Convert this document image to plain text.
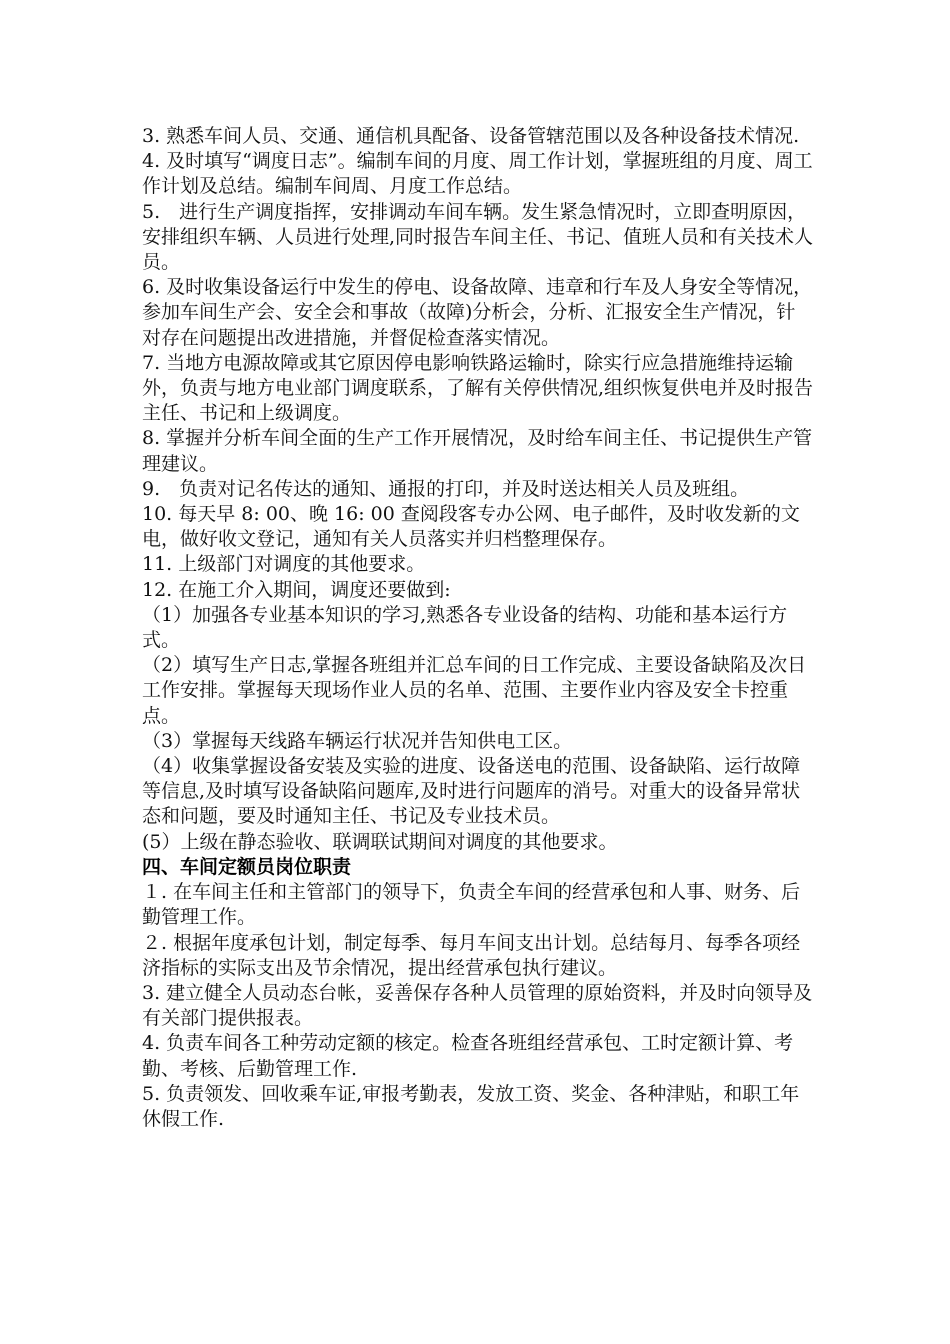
3. 熟悉车间人员、交通、通信机具配备、设备管辖范围以及各种设备技术情况.

4. 及时填写“调度日志”。编制车间的月度、周工作计划，掌握班组的月度、周工作计划及总结。编制车间周、月度工作总结。

5.　进行生产调度指挥，安排调动车间车辆。发生紧急情况时，立即查明原因，安排组织车辆、人员进行处理,同时报告车间主任、书记、值班人员和有关技术人员。

6. 及时收集设备运行中发生的停电、设备故障、违章和行车及人身安全等情况，参加车间生产会、安全会和事故（故障)分析会，分析、汇报安全生产情况，针对存在问题提出改进措施，并督促检查落实情况。

7. 当地方电源故障或其它原因停电影响铁路运输时，除实行应急措施维持运输外，负责与地方电业部门调度联系，了解有关停供情况,组织恢复供电并及时报告主任、书记和上级调度。

8. 掌握并分析车间全面的生产工作开展情况，及时给车间主任、书记提供生产管理建议。

9.　负责对记名传达的通知、通报的打印，并及时送达相关人员及班组。

10. 每天早 8: 00、晚 16: 00 查阅段客专办公网、电子邮件，及时收发新的文电，做好收文登记，通知有关人员落实并归档整理保存。

11. 上级部门对调度的其他要求。

12. 在施工介入期间，调度还要做到:

（1）加强各专业基本知识的学习,熟悉各专业设备的结构、功能和基本运行方式。

（2）填写生产日志,掌握各班组并汇总车间的日工作完成、主要设备缺陷及次日工作安排。掌握每天现场作业人员的名单、范围、主要作业内容及安全卡控重点。

（3）掌握每天线路车辆运行状况并告知供电工区。

（4）收集掌握设备安装及实验的进度、设备送电的范围、设备缺陷、运行故障等信息,及时填写设备缺陷问题库,及时进行问题库的消号。对重大的设备异常状态和问题，要及时通知主任、书记及专业技术员。

(5）上级在静态验收、联调联试期间对调度的其他要求。

四、车间定额员岗位职责

１. 在车间主任和主管部门的领导下，负责全车间的经营承包和人事、财务、后勤管理工作。

２. 根据年度承包计划，制定每季、每月车间支出计划。总结每月、每季各项经济指标的实际支出及节余情况，提出经营承包执行建议。

3. 建立健全人员动态台帐，妥善保存各种人员管理的原始资料，并及时向领导及有关部门提供报表。

4. 负责车间各工种劳动定额的核定。检查各班组经营承包、工时定额计算、考勤、考核、后勤管理工作.

5. 负责领发、回收乘车证,审报考勤表，发放工资、奖金、各种津贴，和职工年休假工作.
